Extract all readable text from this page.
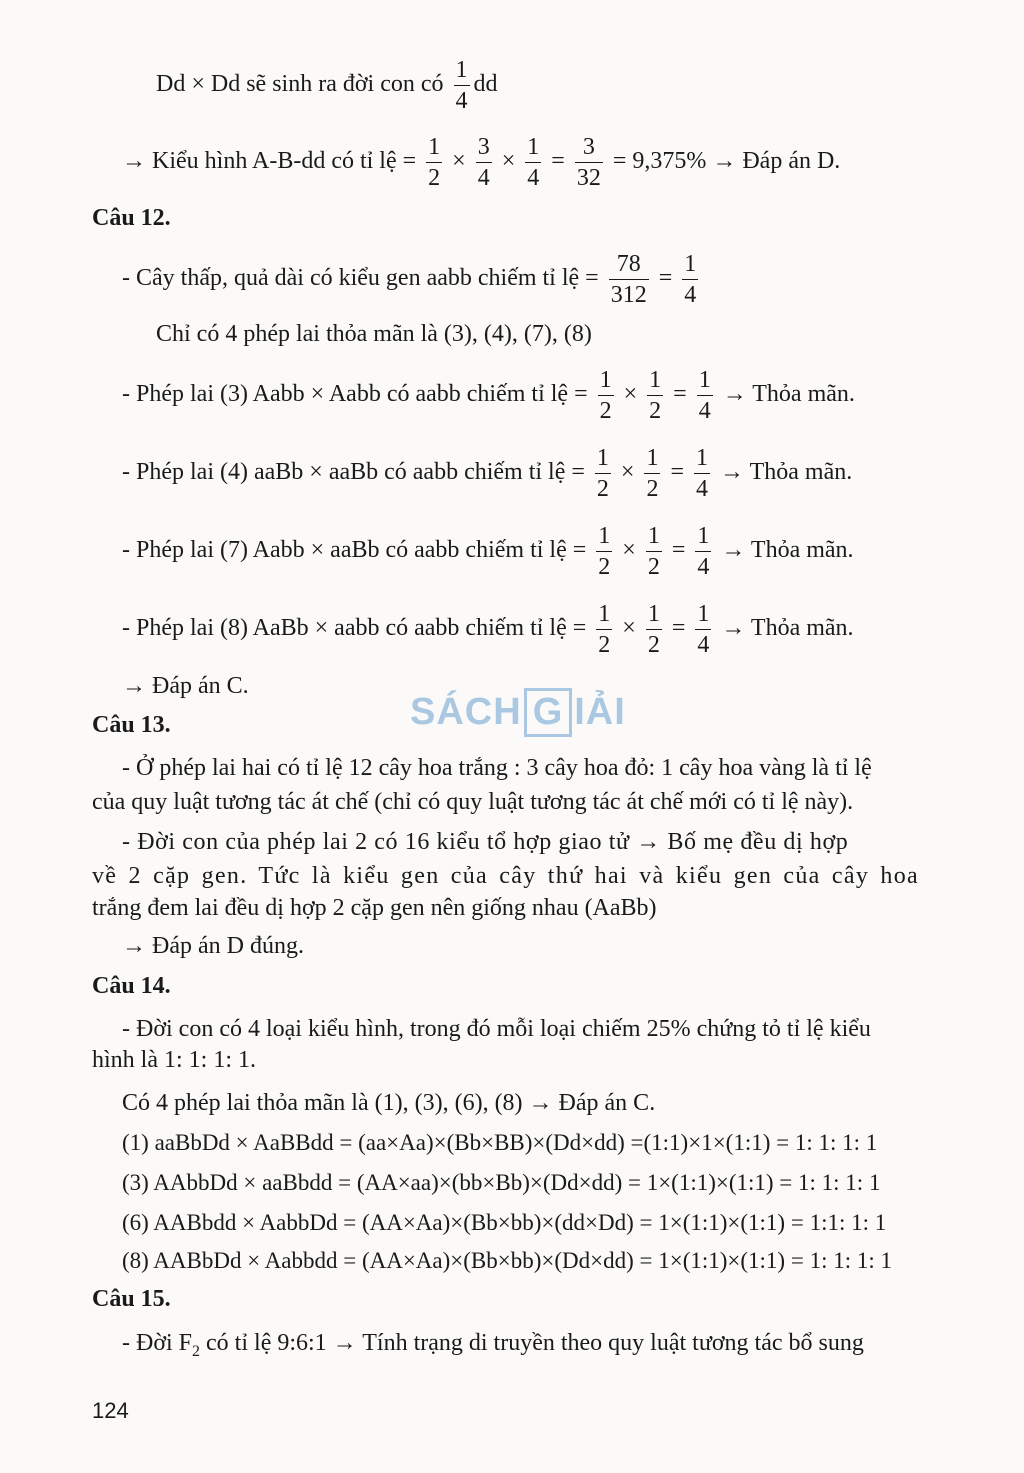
Dd × Dd sẽ sinh ra đời con có $\frac{1}{4}$ dd
→ Kiểu hình A-B-dd có tỉ lệ = $\frac{1}{2} \times \frac{3}{4} \times \frac{1}{4} = \frac{3}{32} = 9,375\%$ → Đáp án D.
Câu 12.
- Cây thấp, quả dài có kiểu gen aabb chiếm tỉ lệ = $\frac{78}{312} = \frac{1}{4}$
Chỉ có 4 phép lai thỏa mãn là (3), (4), (7), (8)
- Phép lai (3) Aabb × Aabb có aabb chiếm tỉ lệ = $\frac{1}{2} \times \frac{1}{2} = \frac{1}{4}$ → Thỏa mãn.
- Phép lai (4) aaBb × aaBb có aabb chiếm tỉ lệ = $\frac{1}{2} \times \frac{1}{2} = \frac{1}{4}$ → Thỏa mãn.
- Phép lai (7) Aabb × aaBb có aabb chiếm tỉ lệ = $\frac{1}{2} \times \frac{1}{2} = \frac{1}{4}$ → Thỏa mãn.
- Phép lai (8) AaBb × aabb có aabb chiếm tỉ lệ = $\frac{1}{2} \times \frac{1}{2} = \frac{1}{4}$ → Thỏa mãn.
→ Đáp án C.
Câu 13.
- Ở phép lai hai có tỉ lệ 12 cây hoa trắng : 3 cây hoa đỏ: 1 cây hoa vàng là tỉ lệ
của quy luật tương tác át chế (chỉ có quy luật tương tác át chế mới có tỉ lệ này).
- Đời con của phép lai 2 có 16 kiểu tổ hợp giao tử → Bố mẹ đều dị hợp
về 2 cặp gen. Tức là kiểu gen của cây thứ hai và kiểu gen của cây hoa
trắng đem lai đều dị hợp 2 cặp gen nên giống nhau (AaBb)
→ Đáp án D đúng.
Câu 14.
- Đời con có 4 loại kiểu hình, trong đó mỗi loại chiếm 25% chứng tỏ tỉ lệ kiểu
hình là 1: 1: 1: 1.
Có 4 phép lai thỏa mãn là (1), (3), (6), (8) → Đáp án C.
(1) aaBbDd × AaBBdd = (aa×Aa)×(Bb×BB)×(Dd×dd) =(1:1)×1×(1:1) = 1: 1: 1: 1
(3) AAbbDd × aaBbdd = (AA×aa)×(bb×Bb)×(Dd×dd) = 1×(1:1)×(1:1) = 1: 1: 1: 1
(6) AABbdd × AabbDd = (AA×Aa)×(Bb×bb)×(dd×Dd) = 1×(1:1)×(1:1) = 1:1: 1: 1
(8) AABbDd × Aabbdd = (AA×Aa)×(Bb×bb)×(Dd×dd) = 1×(1:1)×(1:1) = 1: 1: 1: 1
Câu 15.
- Đời $F_2$ có tỉ lệ 9:6:1 → Tính trạng di truyền theo quy luật tương tác bổ sung
SÁCH G IẢI
124
